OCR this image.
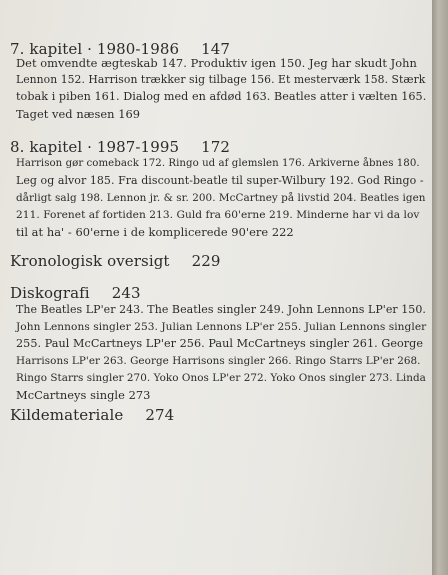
7. kapitel · 1980-1986 147
Det omvendte ægteskab 147. Produktiv igen 150. Jeg har skudt John
Lennon 152. Harrison trækker sig tilbage 156. Et mesterværk 158. Stærk
tobak i piben 161. Dialog med en afdød 163. Beatles atter i vælten 165.
Taget ved næsen 169
8. kapitel · 1987-1995 172
Harrison gør comeback 172. Ringo ud af glemslen 176. Arkiverne åbnes 180.
Leg og alvor 185. Fra discount-beatle til super-Wilbury 192. God Ringo -
dårligt salg 198. Lennon jr. & sr. 200. McCartney på livstid 204. Beatles igen
211. Forenet af fortiden 213. Guld fra 60'erne 219. Minderne har vi da lov
til at ha' - 60'erne i de komplicerede 90'ere 222
Kronologisk oversigt 229
Diskografi 243
The Beatles LP'er 243. The Beatles singler 249. John Lennons LP'er 150.
John Lennons singler 253. Julian Lennons LP'er 255. Julian Lennons singler
255. Paul McCartneys LP'er 256. Paul McCartneys singler 261. George
Harrisons LP'er 263. George Harrisons singler 266. Ringo Starrs LP'er 268.
Ringo Starrs singler 270. Yoko Onos LP'er 272. Yoko Onos singler 273. Linda
McCartneys single 273
Kildemateriale 274
